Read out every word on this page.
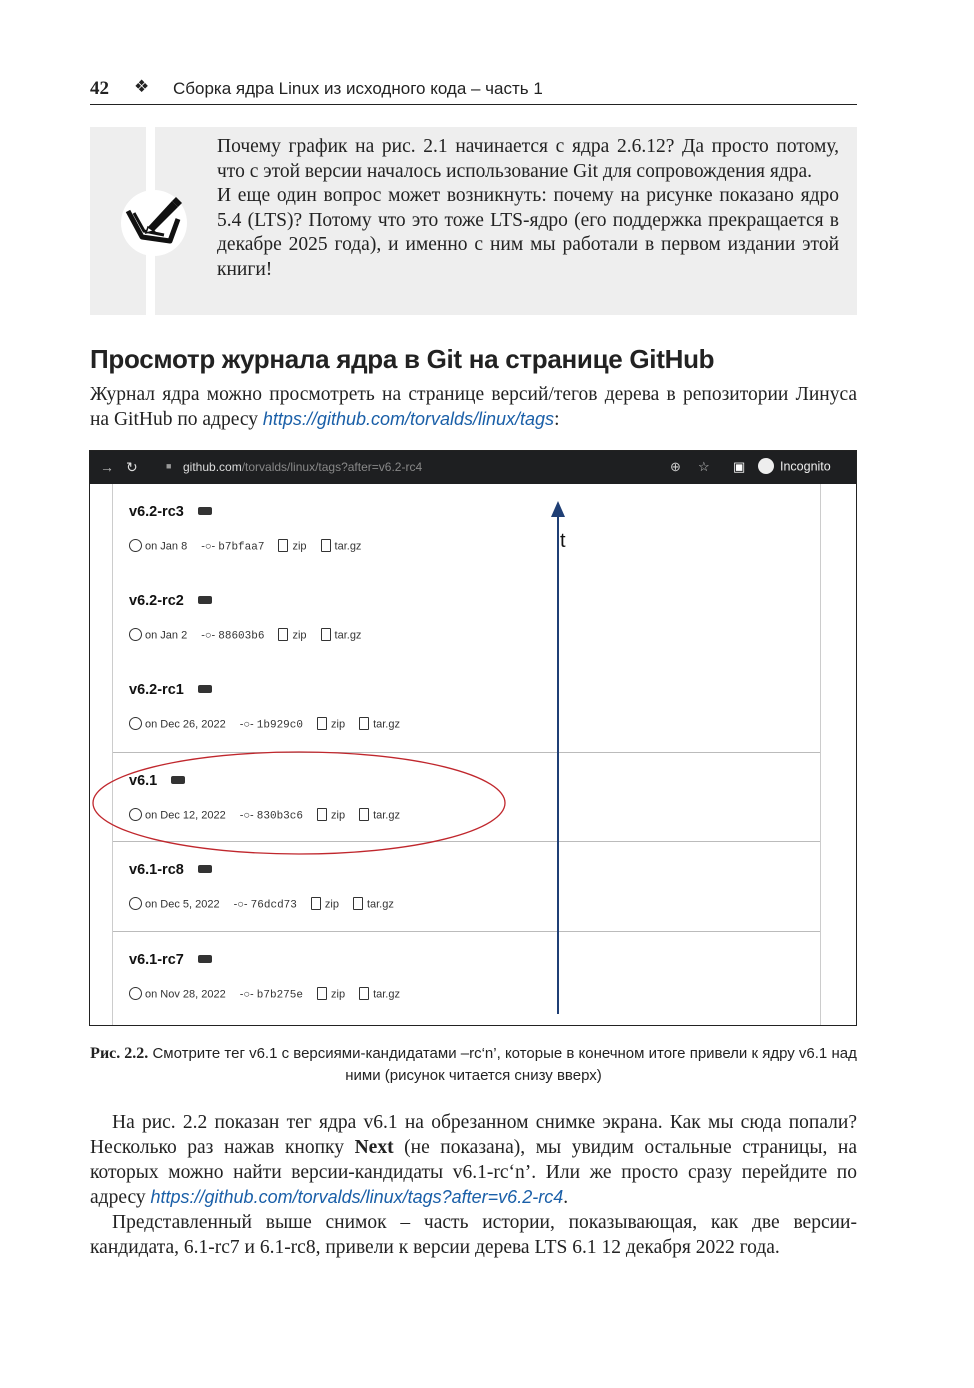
42 ❖ Сборка ядра Linux из исходного кода – часть 1

Почему график на рис. 2.1 начинается с ядра 2.6.12? Да просто потому, что с этой версии началось использование Git для сопровождения ядра.

И еще один вопрос может возникнуть: почему на рисунке показано ядро 5.4 (LTS)? Потому что это тоже LTS-ядро (его поддержка прекращается в декабре 2025 года), и именно с ним мы работали в первом издании этой книги!

Просмотр журнала ядра в Git на странице GitHub
Журнал ядра можно просмотреть на странице версий/тегов дерева в репозитории Линуса на GitHub по адресу https://github.com/torvalds/linux/tags:
→ ↻	■ github.com/torvalds/linux/tags?after=v6.2-rc4	⊕ ☆ ▣	Incognito
v6.2-rc3
on Jan 8 -○- b7bfaa7	zip	tar.gz
v6.2-rc2
on Jan 2 -○- 88603b6	zip	tar.gz
v6.2-rc1
on Dec 26, 2022 -○- 1b929c0	zip	tar.gz
v6.1
on Dec 12, 2022 -○- 830b3c6	zip	tar.gz
v6.1-rc8
on Dec 5, 2022 -○- 76dcd73	zip	tar.gz
v6.1-rc7
on Nov 28, 2022 -○- b7b275e	zip	tar.gz
t
Рис. 2.2. Смотрите тег v6.1 с версиями-кандидатами –rc‘n’, которые в конечном итоге привели к ядру v6.1 над ними (рисунок читается снизу вверх)

На рис. 2.2 показан тег ядра v6.1 на обрезанном снимке экрана. Как мы сюда попали? Несколько раз нажав кнопку Next (не показана), мы увидим остальные страницы, на которых можно найти версии-кандидаты v6.1-rc‘n’. Или же просто сразу перейдите по адресу https://github.com/torvalds/linux/tags?after=v6.2-rc4.

Представленный выше снимок – часть истории, показывающая, как две версии-кандидата, 6.1-rc7 и 6.1-rc8, привели к версии дерева LTS 6.1 12 декабря 2022 года.
